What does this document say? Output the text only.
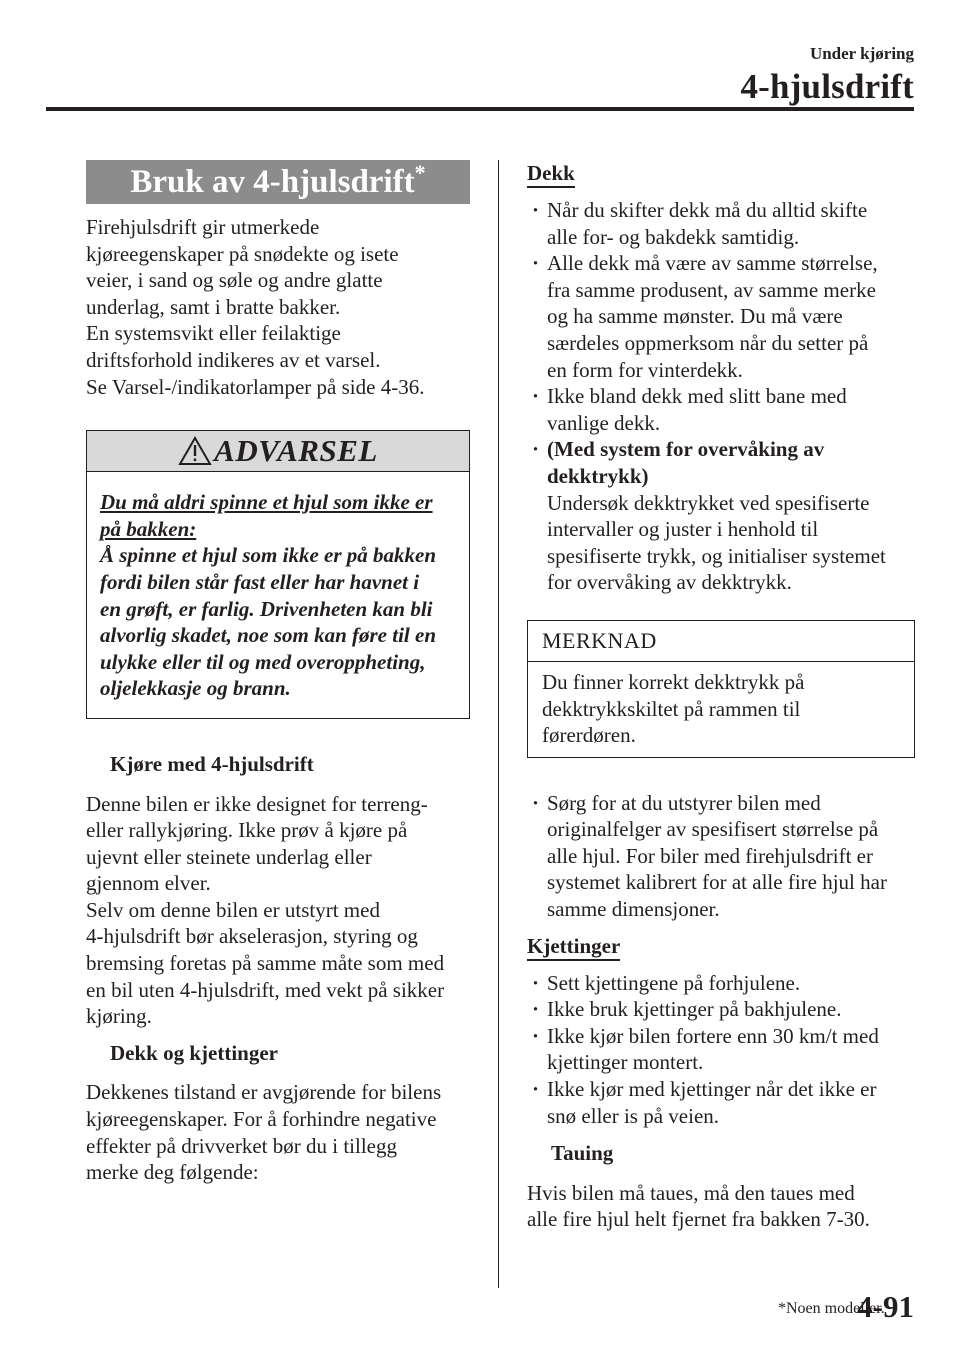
Under kjøring
4-hjulsdrift
Bruk av 4-hjulsdrift*

Firehjulsdrift gir utmerkede
kjøreegenskaper på snødekte og isete
veier, i sand og søle og andre glatte
underlag, samt i bratte bakker.
En systemsvikt eller feilaktige
driftsforhold indikeres av et varsel.
Se Varsel-/indikatorlamper på side 4-36.

ADVARSEL
Du må aldri spinne et hjul som ikke er
på bakken:
Å spinne et hjul som ikke er på bakken
fordi bilen står fast eller har havnet i
en grøft, er farlig. Drivenheten kan bli
alvorlig skadet, noe som kan føre til en
ulykke eller til og med overoppheting,
oljelekkasje og brann.
Kjøre med 4-hjulsdrift

Denne bilen er ikke designet for terreng-
eller rallykjøring. Ikke prøv å kjøre på
ujevnt eller steinete underlag eller
gjennom elver.
Selv om denne bilen er utstyrt med
4-hjulsdrift bør akselerasjon, styring og
bremsing foretas på samme måte som med
en bil uten 4-hjulsdrift, med vekt på sikker
kjøring.

Dekk og kjettinger

Dekkenes tilstand er avgjørende for bilens
kjøreegenskaper. For å forhindre negative
effekter på drivverket bør du i tillegg
merke deg følgende:

Dekk
· Når du skifter dekk må du alltid skifte
alle for- og bakdekk samtidig.
· Alle dekk må være av samme størrelse,
fra samme produsent, av samme merke
og ha samme mønster. Du må være
særdeles oppmerksom når du setter på
en form for vinterdekk.
· Ikke bland dekk med slitt bane med
vanlige dekk.
· (Med system for overvåking av
dekktrykk)
Undersøk dekktrykket ved spesifiserte
intervaller og juster i henhold til
spesifiserte trykk, og initialiser systemet
for overvåking av dekktrykk.
MERKNAD
Du finner korrekt dekktrykk på
dekktrykkskiltet på rammen til
førerdøren.
· Sørg for at du utstyrer bilen med
originalfelger av spesifisert størrelse på
alle hjul. For biler med firehjulsdrift er
systemet kalibrert for at alle fire hjul har
samme dimensjoner.
Kjettinger
· Sett kjettingene på forhjulene.
· Ikke bruk kjettinger på bakhjulene.
· Ikke kjør bilen fortere enn 30 km/t med
kjettinger montert.
· Ikke kjør med kjettinger når det ikke er
snø eller is på veien.
Tauing

Hvis bilen må taues, må den taues med
alle fire hjul helt fjernet fra bakken 7-30.

*Noen modeller.
4-91
